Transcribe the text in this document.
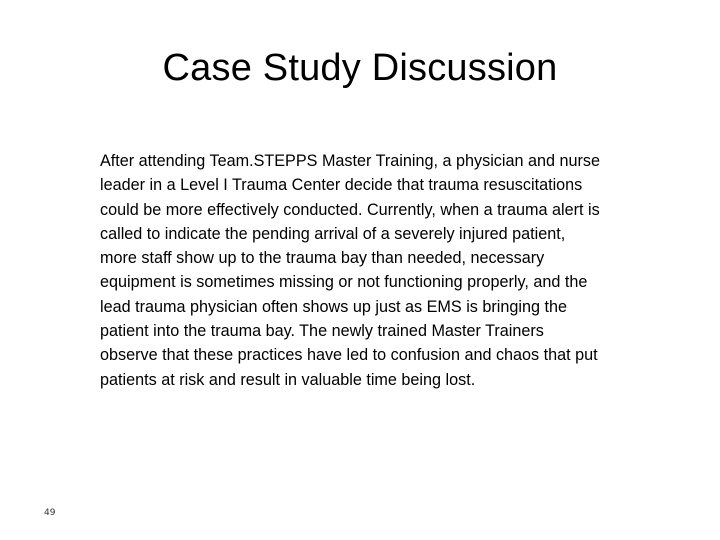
Case Study Discussion

After attending Team.STEPPS Master Training, a physician and nurse
leader in a Level I Trauma Center decide that trauma resuscitations
could be more effectively conducted. Currently, when a trauma alert is
called to indicate the pending arrival of a severely injured patient,
more staff show up to the trauma bay than needed, necessary
equipment is sometimes missing or not functioning properly, and the
lead trauma physician often shows up just as EMS is bringing the
patient into the trauma bay. The newly trained Master Trainers
observe that these practices have led to confusion and chaos that put
patients at risk and result in valuable time being lost.

49
